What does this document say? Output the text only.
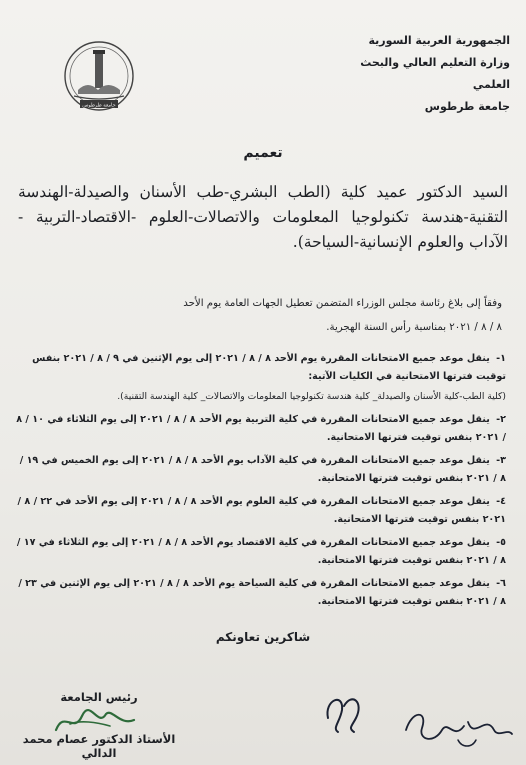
الجمهورية العربية السورية
وزارة التعليم العالي والبحث العلمي
جامعة طرطوس
جامعة طرطوس
تعميم
السيد الدكتور عميد كلية (الطب البشري-طب الأسنان والصيدلة-الهندسة التقنية-هندسة تكنولوجيا المعلومات والاتصالات-العلوم -الاقتصاد-التربية - الآداب والعلوم الإنسانية-السياحة).
وفقاً إلى بلاغ رئاسة مجلس الوزراء المتضمن تعطيل الجهات العامة يوم الأحد
٨ / ٨ / ٢٠٢١ بمناسبة رأس السنة الهجرية.
١- ينقل موعد جميع الامتحانات المقررة يوم الأحد ٨ / ٨ / ٢٠٢١ إلى يوم الإثنين في ٩ / ٨ / ٢٠٢١ بنفس توقيت فترتها الامتحانية في الكليات الآتية:
(كلية الطب-كلية الأسنان والصيدلة_ كلية هندسة تكنولوجيا المعلومات والاتصالات_ كلية الهندسة التقنية).
٢- ينقل موعد جميع الامتحانات المقررة في كلية التربية يوم الأحد ٨ / ٨ / ٢٠٢١ إلى يوم الثلاثاء في ١٠ / ٨ / ٢٠٢١ بنفس توقيت فترتها الامتحانية.
٣- ينقل موعد جميع الامتحانات المقررة في كلية الآداب يوم الأحد ٨ / ٨ / ٢٠٢١ إلى يوم الخميس في ١٩ / ٨ / ٢٠٢١ بنفس توقيت فترتها الامتحانية.
٤- ينقل موعد جميع الامتحانات المقررة في كلية العلوم يوم الأحد ٨ / ٨ / ٢٠٢١ إلى يوم الأحد في ٢٢ / ٨ / ٢٠٢١ بنفس توقيت فترتها الامتحانية.
٥- ينقل موعد جميع الامتحانات المقررة في كلية الاقتصاد يوم الأحد ٨ / ٨ / ٢٠٢١ إلى يوم الثلاثاء في ١٧ / ٨ / ٢٠٢١ بنفس توقيت فترتها الامتحانية.
٦- ينقل موعد جميع الامتحانات المقررة في كلية السياحة يوم الأحد ٨ / ٨ / ٢٠٢١ إلى يوم الإثنين في ٢٣ / ٨ / ٢٠٢١ بنفس توقيت فترتها الامتحانية.
شاكرين تعاونكم
رئيس الجامعة
الأستاذ الدكتور عصام محمد الدالي
